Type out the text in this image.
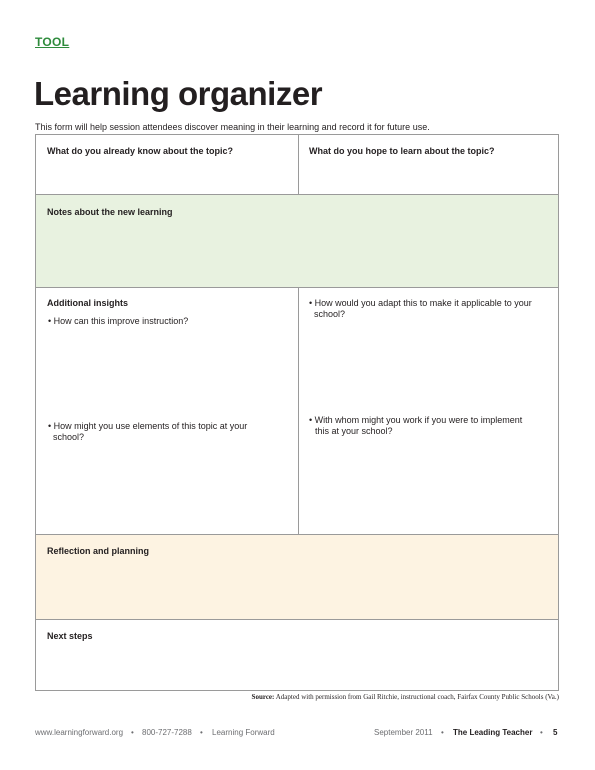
TOOL
Learning organizer
This form will help session attendees discover meaning in their learning and record it for future use.
What do you already know about the topic?	What do you hope to learn about the topic?
Notes about the new learning
Additional insights
• How can this improve instruction?
• How might you use elements of this topic at your
school?
• How would you adapt this to make it applicable to your
school?
• With whom might you work if you were to implement
this at your school?
Reflection and planning
Next steps
Source: Adapted with permission from Gail Ritchie, instructional coach, Fairfax County Public Schools (Va.)
www.learningforward.org • 800-727-7288 • Learning Forward	September 2011 • The Leading Teacher • 5
